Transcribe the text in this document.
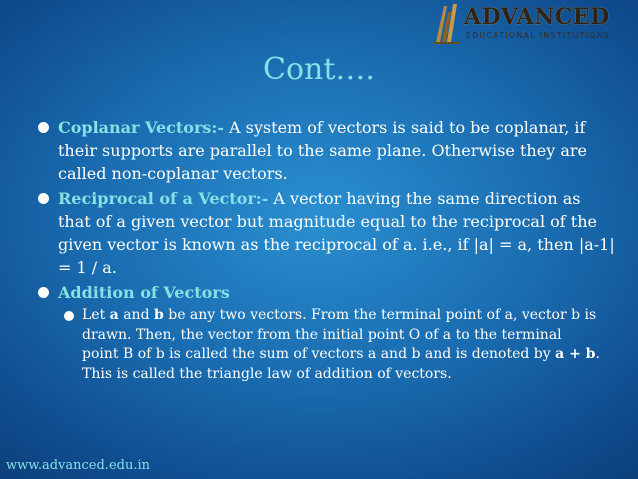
ADVANCED
EDUCATIONAL INSTITUTIONS
Cont….
Coplanar Vectors:- A system of vectors is said to be coplanar, if their supports are parallel to the same plane. Otherwise they are called non-coplanar vectors.
Reciprocal of a Vector:- A vector having the same direction as that of a given vector but magnitude equal to the reciprocal of the given vector is known as the reciprocal of a. i.e., if |a| = a, then |a-1| = 1 / a.
Addition of Vectors
Let a and b be any two vectors. From the terminal point of a, vector b is drawn. Then, the vector from the initial point O of a to the terminal point B of b is called the sum of vectors a and b and is denoted by a + b. This is called the triangle law of addition of vectors.
www.advanced.edu.in
